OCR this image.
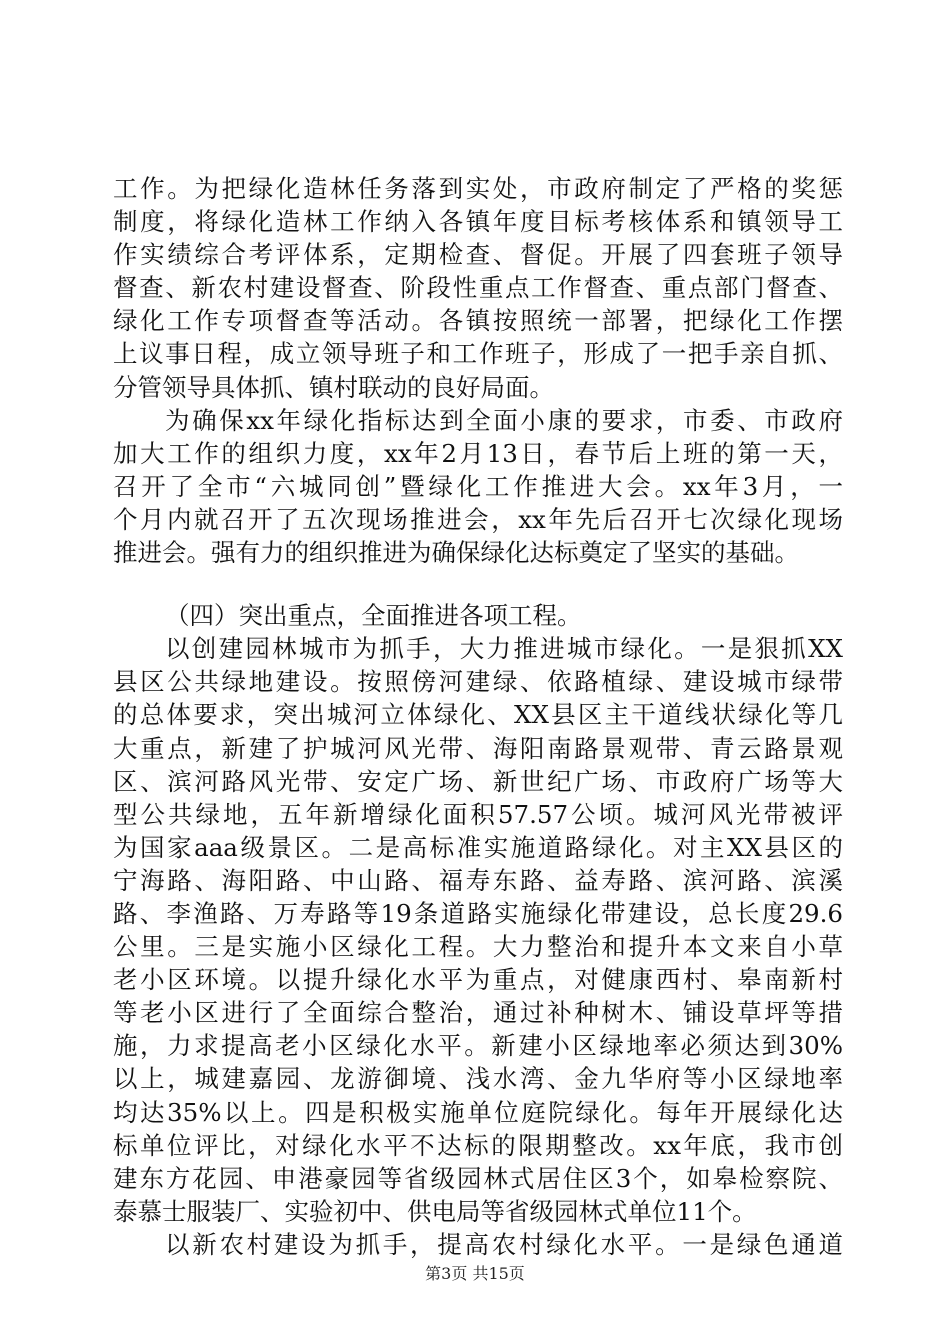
工作。为把绿化造林任务落到实处，市政府制定了严格的奖惩
制度，将绿化造林工作纳入各镇年度目标考核体系和镇领导工
作实绩综合考评体系，定期检查、督促。开展了四套班子领导
督查、新农村建设督查、阶段性重点工作督查、重点部门督查、
绿化工作专项督查等活动。各镇按照统一部署，把绿化工作摆
上议事日程，成立领导班子和工作班子，形成了一把手亲自抓、
分管领导具体抓、镇村联动的良好局面。
为确保xx年绿化指标达到全面小康的要求，市委、市政府
加大工作的组织力度，xx年2月13日，春节后上班的第一天，
召开了全市“六城同创”暨绿化工作推进大会。xx年3月，一
个月内就召开了五次现场推进会，xx年先后召开七次绿化现场
推进会。强有力的组织推进为确保绿化达标奠定了坚实的基础。
（四）突出重点，全面推进各项工程。
以创建园林城市为抓手，大力推进城市绿化。一是狠抓XX
县区公共绿地建设。按照傍河建绿、依路植绿、建设城市绿带
的总体要求，突出城河立体绿化、XX县区主干道线状绿化等几
大重点，新建了护城河风光带、海阳南路景观带、青云路景观
区、滨河路风光带、安定广场、新世纪广场、市政府广场等大
型公共绿地，五年新增绿化面积57.57公顷。城河风光带被评
为国家aaa级景区。二是高标准实施道路绿化。对主XX县区的
宁海路、海阳路、中山路、福寿东路、益寿路、滨河路、滨溪
路、李渔路、万寿路等19条道路实施绿化带建设，总长度29.6
公里。三是实施小区绿化工程。大力整治和提升本文来自小草
老小区环境。以提升绿化水平为重点，对健康西村、皋南新村
等老小区进行了全面综合整治，通过补种树木、铺设草坪等措
施，力求提高老小区绿化水平。新建小区绿地率必须达到30%
以上，城建嘉园、龙游御境、浅水湾、金九华府等小区绿地率
均达35%以上。四是积极实施单位庭院绿化。每年开展绿化达
标单位评比，对绿化水平不达标的限期整改。xx年底，我市创
建东方花园、申港豪园等省级园林式居住区3个，如皋检察院、
泰慕士服装厂、实验初中、供电局等省级园林式单位11个。
以新农村建设为抓手，提高农村绿化水平。一是绿色通道
第3页 共15页
